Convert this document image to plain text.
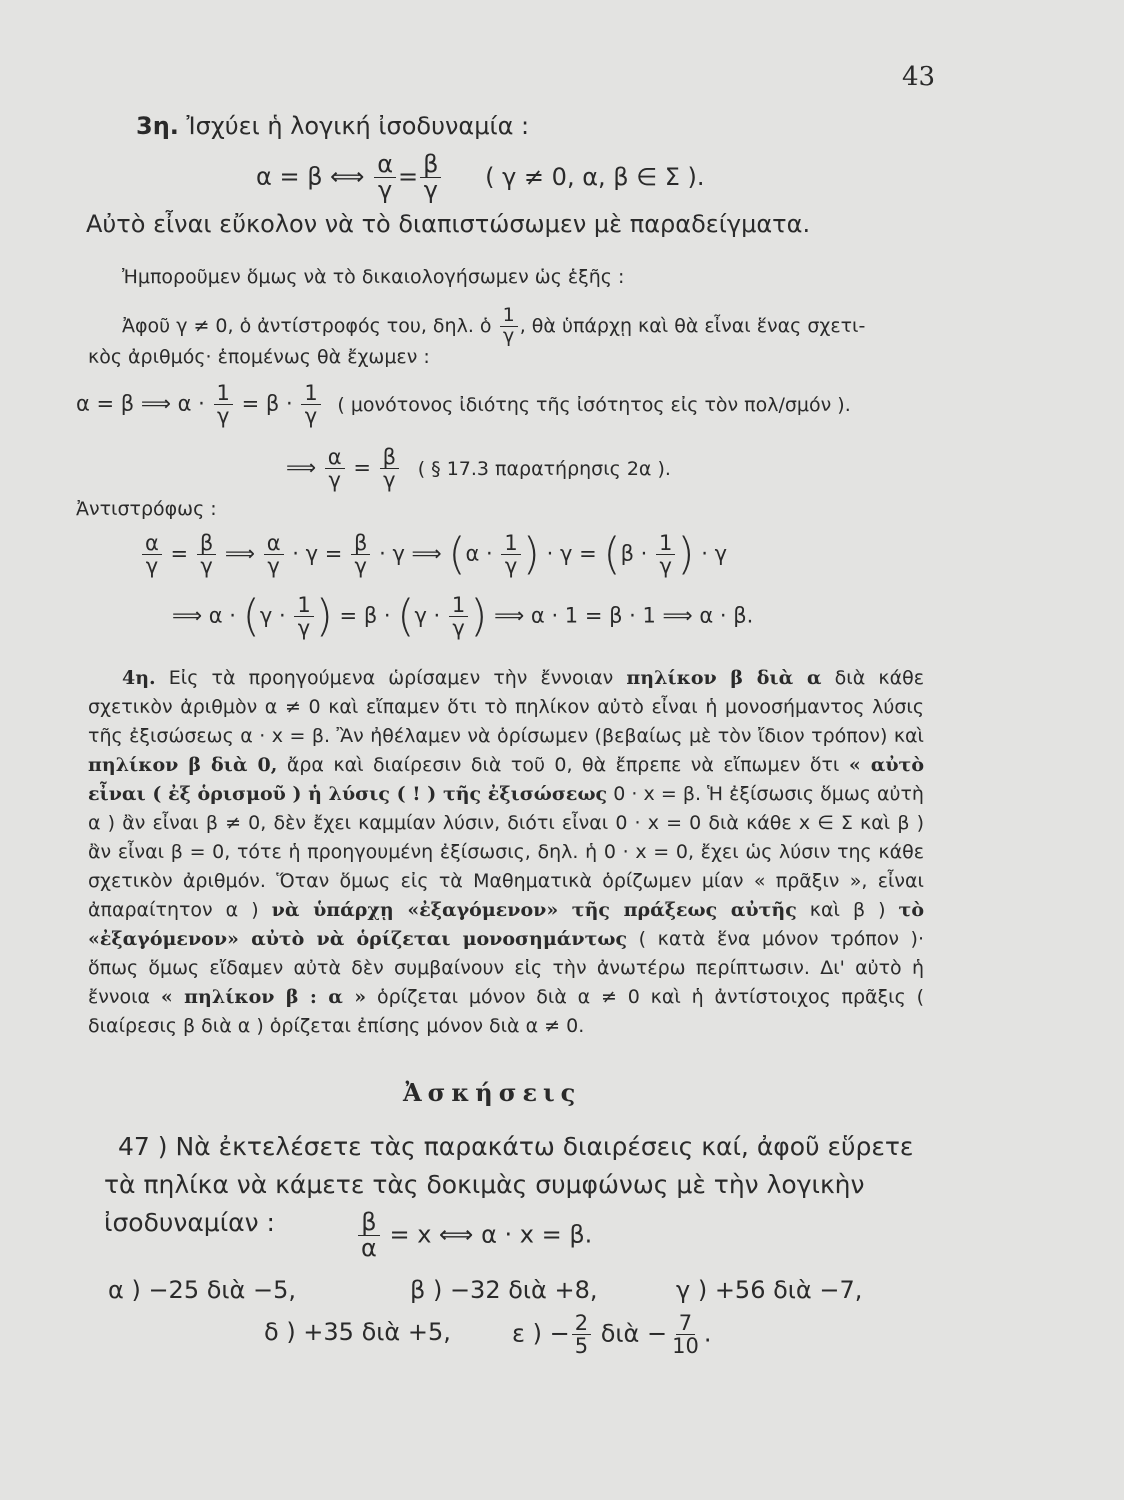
43
3η. Ἰσχύει ἡ λογική ἰσοδυναμία :
α = β ⟺ $\frac{\alpha}{\gamma} = \frac{\beta}{\gamma}$ ( γ ≠ 0, α, β ∈ Σ ).
Αὐτὸ εἶναι εὔκολον νὰ τὸ διαπιστώσωμεν μὲ παραδείγματα.
Ἠμποροῦμεν ὅμως νὰ τὸ δικαιολογήσωμεν ὡς ἑξῆς :
Ἀφοῦ γ ≠ 0, ὁ ἀντίστροφός του, δηλ. ὁ $\frac{1}{\gamma}$ , θὰ ὑπάρχῃ καὶ θὰ εἶναι ἕνας σχετι-
κὸς ἀριθμός· ἑπομένως θὰ ἔχωμεν :
α = β ⟹ $\alpha \cdot \frac{1}{\gamma} = \beta \cdot \frac{1}{\gamma}$ ( μονότονος ἰδιότης τῆς ἰσότητος εἰς τὸν πολ/σμόν ).
⟹ $\frac{\alpha}{\gamma} = \frac{\beta}{\gamma}$ ( § 17.3 παρατήρησις 2α ).
Ἀντιστρόφως :
$\frac{\alpha}{\gamma} = \frac{\beta}{\gamma}$ ⟹ $\frac{\alpha}{\gamma} \cdot \gamma = \frac{\beta}{\gamma} \cdot \gamma$ ⟹ ($\alpha \cdot \frac{1}{\gamma}$ ) · $\gamma = (\beta \cdot \frac{1}{\gamma}$ ) · γ
⟹ $\alpha \cdot (\gamma \cdot \frac{1}{\gamma}$ ) = $\beta \cdot (\gamma \cdot \frac{1}{\gamma}$ ) ⟹ α · 1 = β · 1 ⟹ α · β.
4η. Εἰς τὰ προηγούμενα ὡρίσαμεν τὴν ἔννοιαν πηλίκον β διὰ α διὰ κάθε σχετικὸν ἀριθμὸν α ≠ 0 καὶ εἴπαμεν ὅτι τὸ πηλίκον αὐτὸ εἶναι ἡ μονοσήμαντος λύσις τῆς ἐξισώσεως α · x = β. Ἂν ἠθέλαμεν νὰ ὁρίσωμεν (βεβαίως μὲ τὸν ἴδιον τρόπον) καὶ πηλίκον β διὰ 0, ἄρα καὶ διαίρεσιν διὰ τοῦ 0, θὰ ἔπρεπε νὰ εἴπωμεν ὅτι « αὐτὸ εἶναι ( ἐξ ὁρισμοῦ ) ἡ λύσις ( ! ) τῆς ἐξισώσεως 0 · x = β. Ἡ ἐξίσωσις ὅμως αὐτὴ α ) ἂν εἶναι β ≠ 0, δὲν ἔχει καμμίαν λύσιν, διότι εἶναι 0 · x = 0 διὰ κάθε x ∈ Σ καὶ β ) ἂν εἶναι β = 0, τότε ἡ προηγουμένη ἐξίσωσις, δηλ. ἡ 0 · x = 0, ἔχει ὡς λύσιν της κάθε σχετικὸν ἀριθμόν. Ὅταν ὅμως εἰς τὰ Μαθηματικὰ ὁρίζωμεν μίαν « πρᾶξιν », εἶναι ἀπαραίτητον α ) νὰ ὑπάρχῃ «ἐξαγόμενον» τῆς πράξεως αὐτῆς καὶ β ) τὸ «ἐξαγόμενον» αὐτὸ νὰ ὁρίζεται μονοσημάντως ( κατὰ ἕνα μόνον τρόπον )· ὅπως ὅμως εἴδαμεν αὐτὰ δὲν συμβαίνουν εἰς τὴν ἀνωτέρω περίπτωσιν. Δι' αὐτὸ ἡ ἔννοια « πηλίκον β : α » ὁρίζεται μόνον διὰ α ≠ 0 καὶ ἡ ἀντίστοιχος πρᾶξις ( διαίρεσις β διὰ α ) ὁρίζεται ἐπίσης μόνον διὰ α ≠ 0.
Ἀσκήσεις
47 ) Νὰ ἐκτελέσετε τὰς παρακάτω διαιρέσεις καί, ἀφοῦ εὕρετε τὰ πηλίκα νὰ κάμετε τὰς δοκιμὰς συμφώνως μὲ τὴν λογικὴν ἰσοδυναμίαν :	$\frac{\beta}{\alpha} = x$ ⟺ α · x = β.
α ) −25 διὰ −5,	β ) −32 διὰ +8,	γ ) +56 διὰ −7,
δ ) +35 διὰ +5,	ε ) − $\frac{2}{5}$ διὰ − $\frac{7}{10}$ .
